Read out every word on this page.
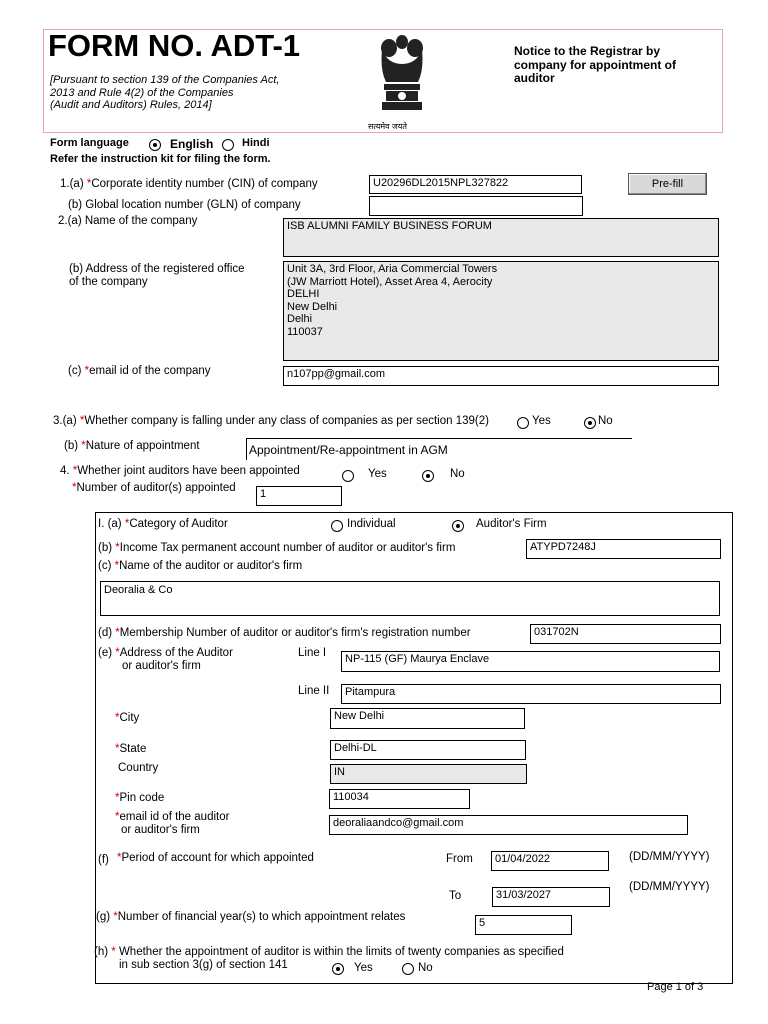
FORM NO. ADT-1
[Pursuant to section 139 of the Companies Act,
2013 and Rule 4(2) of the Companies
(Audit and Auditors) Rules, 2014]
सत्यमेव जयते
Notice to the Registrar by
company for appointment of
auditor
Form language	English	Hindi
Refer the instruction kit for filing the form.
1.(a) *Corporate identity number (CIN) of company	U20296DL2015NPL327822	Pre-fill
(b) Global location number (GLN) of company
2.(a) Name of the company	ISB ALUMNI FAMILY BUSINESS FORUM
(b) Address of the registered office
of the company
Unit 3A, 3rd Floor, Aria Commercial Towers
(JW Marriott Hotel), Asset Area 4, Aerocity
DELHI
New Delhi
Delhi
110037
(c) *email id of the company	n107pp@gmail.com
3.(a) *Whether company is falling under any class of companies as per section 139(2)	Yes	No
(b) *Nature of appointment	Appointment/Re-appointment in AGM
4. *Whether joint auditors have been appointed	Yes	No
*Number of auditor(s) appointed	1
I. (a) *Category of Auditor	Individual	Auditor's Firm
(b) *Income Tax permanent account number of auditor or auditor's firm	ATYPD7248J
(c) *Name of the auditor or auditor's firm
Deoralia & Co
(d) *Membership Number of auditor or auditor's firm's registration number	031702N
(e) *Address of the Auditor
or auditor's firm
Line I	NP-115 (GF) Maurya Enclave
Line II	Pitampura
*City	New Delhi
*State	Delhi-DL
Country	IN
*Pin code	110034
*email id of the auditor
or auditor's firm
deoraliaandco@gmail.com
(f) *Period of account for which appointed	From	01/04/2022	(DD/MM/YYYY)
To	31/03/2027
(DD/MM/YYYY)
(g) *Number of financial year(s) to which appointment relates	5
(h) * Whether the appointment of auditor is within the limits of twenty companies as specified
in sub section 3(g) of section 141	Yes	No
Page 1 of 3
